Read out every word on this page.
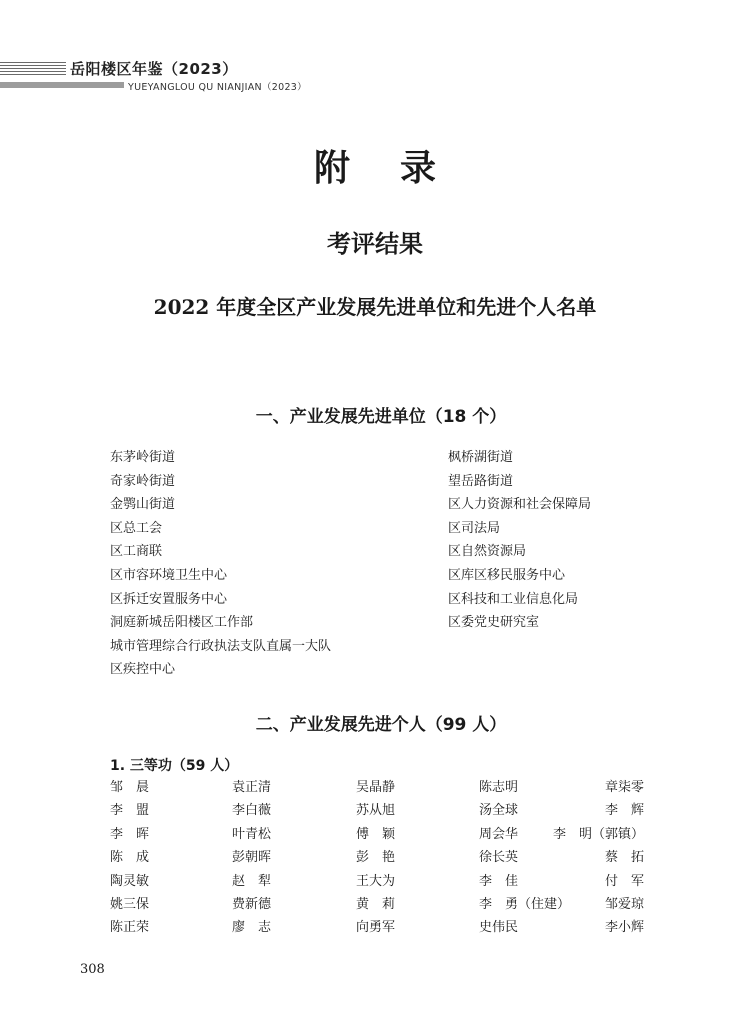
岳阳楼区年鉴（2023）
YUEYANGLOU QU NIANJIAN（2023）
附录
考评结果
2022 年度全区产业发展先进单位和先进个人名单
一、产业发展先进单位（18 个）
东茅岭街道
奇家岭街道
金鹗山街道
区总工会
区工商联
区市容环境卫生中心
区拆迁安置服务中心
洞庭新城岳阳楼区工作部
城市管理综合行政执法支队直属一大队
区疾控中心
枫桥湖街道
望岳路街道
区人力资源和社会保障局
区司法局
区自然资源局
区库区移民服务中心
区科技和工业信息化局
区委党史研究室
二、产业发展先进个人（99 人）
1. 三等功（59 人）
邹　晨	袁正清	吴晶静	陈志明	章柒零
李　盟	李白薇	苏从旭	汤全球	李　辉
李　晖	叶青松	傅　颖	周会华	李　明（郭镇）
陈　成	彭朝晖	彭　艳	徐长英	蔡　拓
陶灵敏	赵　犁	王大为	李　佳	付　军
姚三保	费新德	黄　莉	李　勇（住建）	邹爱琼
陈正荣	廖　志	向勇军	史伟民	李小辉
308
